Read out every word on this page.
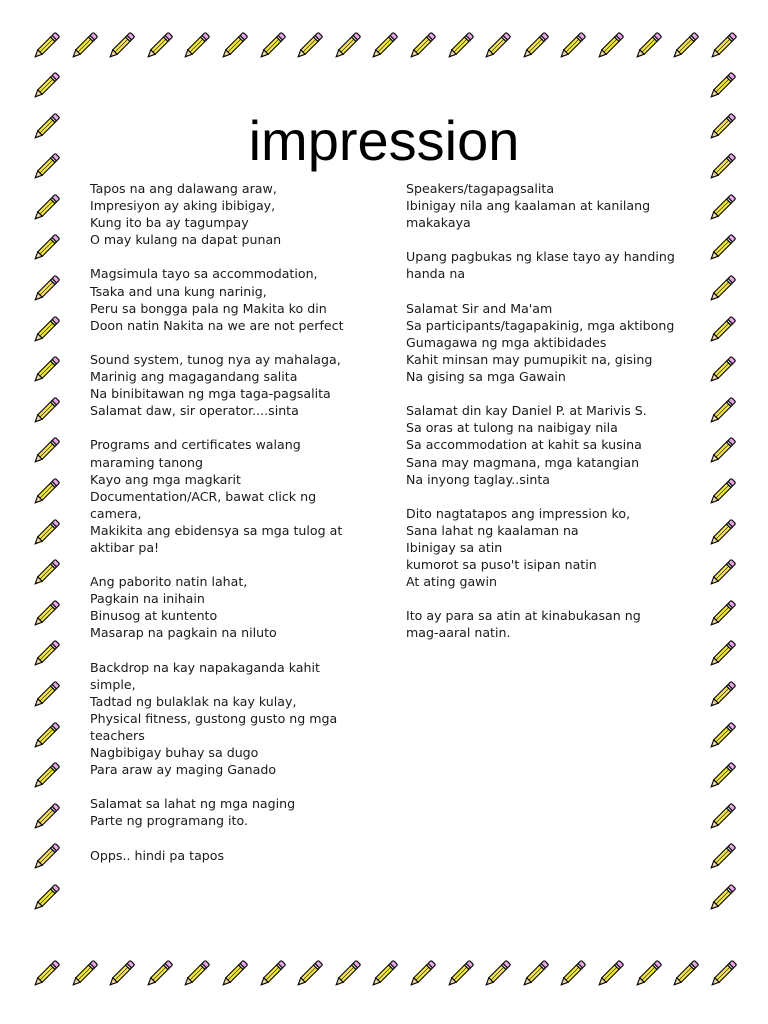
impression
Tapos na ang dalawang araw,
Impresiyon ay aking ibibigay,
Kung ito ba ay tagumpay
O may kulang na dapat punan
Magsimula tayo sa accommodation,
Tsaka and una kung narinig,
Peru sa bongga pala ng Makita ko din
Doon natin Nakita na we are not perfect
Sound system, tunog nya ay mahalaga,
Marinig ang magagandang salita
Na binibitawan ng mga taga-pagsalita
Salamat daw, sir operator....sinta
Programs and certificates walang
maraming tanong
Kayo ang mga magkarit
Documentation/ACR, bawat click ng
camera,
Makikita ang ebidensya sa mga tulog at
aktibar pa!
Ang paborito natin lahat,
Pagkain na inihain
Binusog at kuntento
Masarap na pagkain na niluto
Backdrop na kay napakaganda kahit
simple,
Tadtad ng bulaklak na kay kulay,
Physical fitness, gustong gusto ng mga
teachers
Nagbibigay buhay sa dugo
Para araw ay maging Ganado
Salamat sa lahat ng mga naging
Parte ng programang ito.
Opps.. hindi pa tapos
Speakers/tagapagsalita
Ibinigay nila ang kaalaman at kanilang
makakaya
Upang pagbukas ng klase tayo ay handing
handa na
Salamat Sir and Ma'am
Sa participants/tagapakinig, mga aktibong
Gumagawa ng mga aktibidades
Kahit minsan may pumupikit na, gising
Na gising sa mga Gawain
Salamat din kay Daniel P. at Marivis S.
Sa oras at tulong na naibigay nila
Sa accommodation at kahit sa kusina
Sana may magmana, mga katangian
Na inyong taglay..sinta
Dito nagtatapos ang impression ko,
Sana lahat ng kaalaman na
Ibinigay sa atin
kumorot sa puso't isipan natin
At ating gawin
Ito ay para sa atin at kinabukasan ng
mag-aaral natin.
